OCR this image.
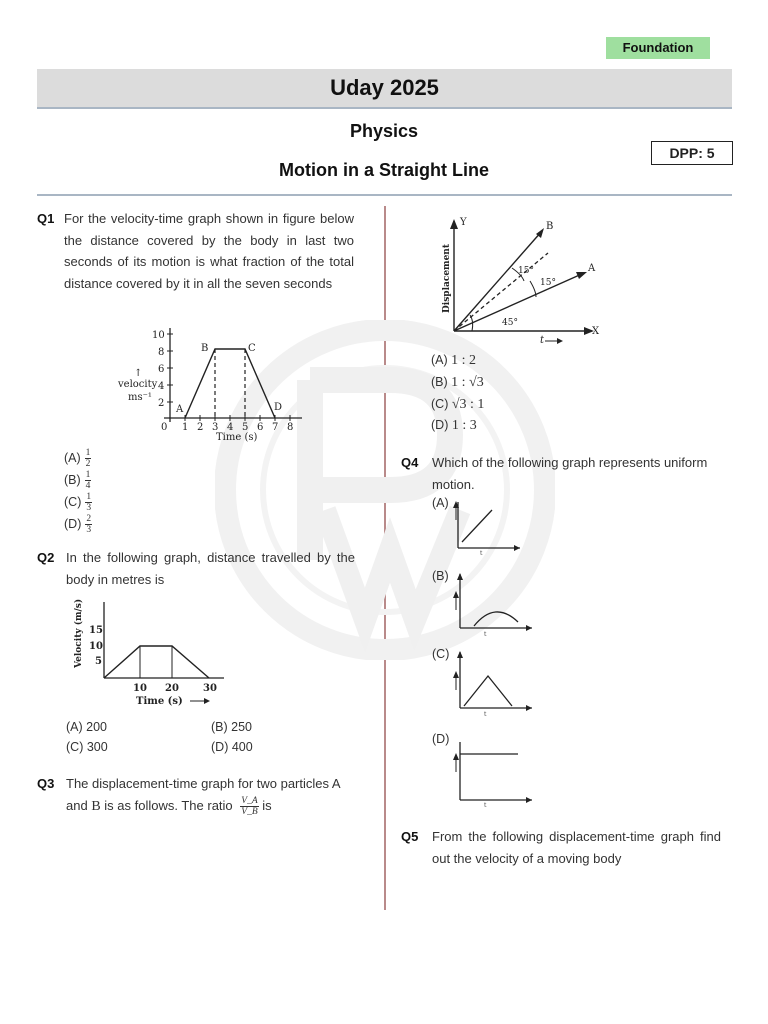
Foundation
Uday 2025
Physics
Motion in a Straight Line
DPP: 5
Q1 For the velocity-time graph shown in figure below the distance covered by the body in last two seconds of its motion is what fraction of the total distance covered by it in all the seven seconds
10
8
6
4
2
0 1 2 3 4 5 6 7 8
A
B	C
D
↑
velocity
ms⁻¹
Time (s)
$(A) \frac{1}{2}$
$(B) \frac{1}{4}$
$(C) \frac{1}{3}$
$(D) \frac{2}{3}$
Q2 In the following graph, distance travelled by the body in metres is
15
10
5
10 20 30
Time (s)
Velocity (m/s)
(A) 200	(B) 250
(C) 300	(D) 400
Q3 The displacement-time graph for two particles A and B is as follows. The ratio $\frac{V\_A}{V\_B}$ is
Y
X
B
A
15°
15°
45°
t
Displacement
(A) 1 : 2
(B) 1 : √3
(C) √3 : 1
(D) 1 : 3
Q4 Which of the following graph represents uniform motion.
(A)
t
(B)
t
(C)
t
(D)
t
Q5 From the following displacement-time graph find out the velocity of a moving body
